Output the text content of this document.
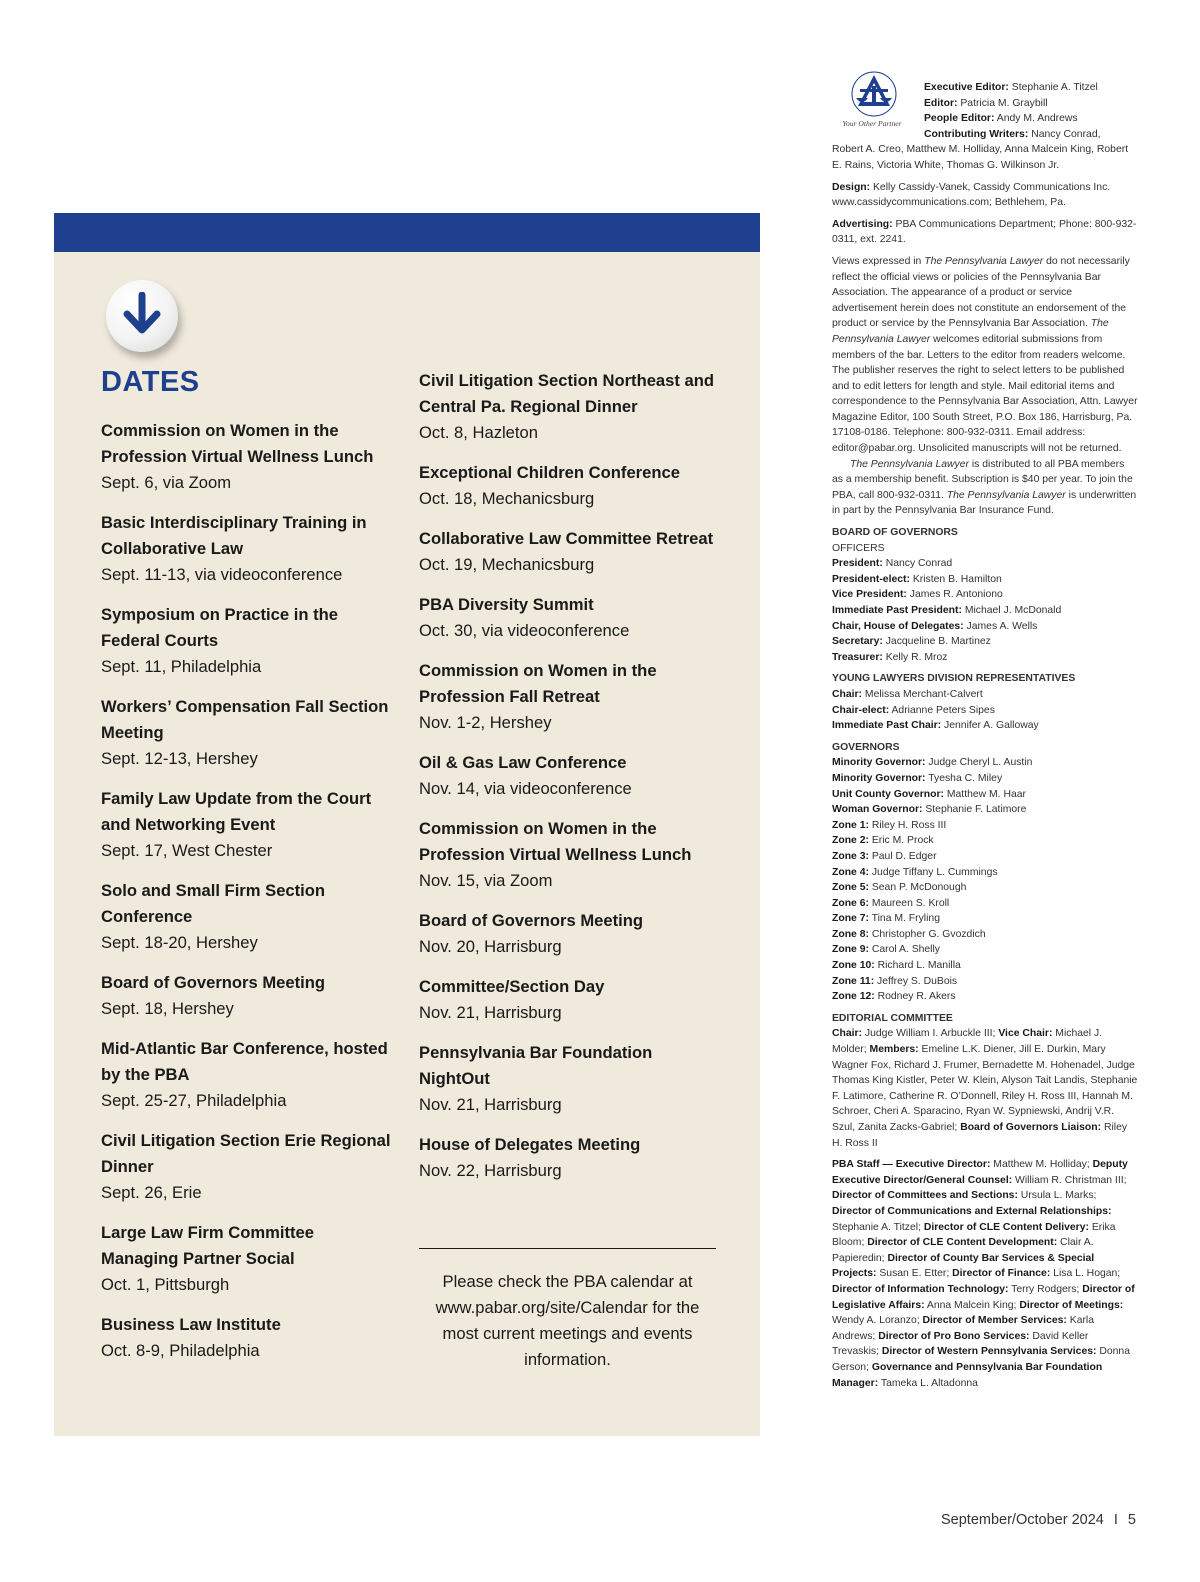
DATES
Commission on Women in the Profession Virtual Wellness Lunch
Sept. 6, via Zoom
Basic Interdisciplinary Training in Collaborative Law
Sept. 11-13, via videoconference
Symposium on Practice in the Federal Courts
Sept. 11, Philadelphia
Workers’ Compensation Fall Section Meeting
Sept. 12-13, Hershey
Family Law Update from the Court and Networking Event
Sept. 17, West Chester
Solo and Small Firm Section Conference
Sept. 18-20, Hershey
Board of Governors Meeting
Sept. 18, Hershey
Mid-Atlantic Bar Conference, hosted by the PBA
Sept. 25-27, Philadelphia
Civil Litigation Section Erie Regional Dinner
Sept. 26, Erie
Large Law Firm Committee Managing Partner Social
Oct. 1, Pittsburgh
Business Law Institute
Oct. 8-9, Philadelphia
Civil Litigation Section Northeast and Central Pa. Regional Dinner
Oct. 8, Hazleton
Exceptional Children Conference
Oct. 18, Mechanicsburg
Collaborative Law Committee Retreat
Oct. 19, Mechanicsburg
PBA Diversity Summit
Oct. 30, via videoconference
Commission on Women in the Profession Fall Retreat
Nov. 1-2, Hershey
Oil & Gas Law Conference
Nov. 14, via videoconference
Commission on Women in the Profession Virtual Wellness Lunch
Nov. 15, via Zoom
Board of Governors Meeting
Nov. 20, Harrisburg
Committee/Section Day
Nov. 21, Harrisburg
Pennsylvania Bar Foundation NightOut
Nov. 21, Harrisburg
House of Delegates Meeting
Nov. 22, Harrisburg
Please check the PBA calendar at www.pabar.org/site/Calendar for the most current meetings and events information.
Your Other Partner

Executive Editor: Stephanie A. Titzel

Editor: Patricia M. Graybill

People Editor: Andy M. Andrews

Contributing Writers: Nancy Conrad,

Robert A. Creo, Matthew M. Holliday, Anna Malcein King, Robert E. Rains, Victoria White, Thomas G. Wilkinson Jr.

Design: Kelly Cassidy-Vanek, Cassidy Communications Inc. www.cassidycommunications.com; Bethlehem, Pa.

Advertising: PBA Communications Department; Phone: 800-932-0311, ext. 2241.

Views expressed in The Pennsylvania Lawyer do not necessarily reflect the official views or policies of the Pennsylvania Bar Association. The appearance of a product or service advertisement herein does not constitute an endorsement of the product or service by the Pennsylvania Bar Association. The Pennsylvania Lawyer welcomes editorial submissions from members of the bar. Letters to the editor from readers welcome. The publisher reserves the right to select letters to be published and to edit letters for length and style. Mail editorial items and correspondence to the Pennsylvania Bar Association, Attn. Lawyer Magazine Editor, 100 South Street, P.O. Box 186, Harrisburg, Pa. 17108-0186. Telephone: 800-932-0311. Email address: editor@pabar.org. Unsolicited manuscripts will not be returned.

The Pennsylvania Lawyer is distributed to all PBA members as a membership benefit. Subscription is $40 per year. To join the PBA, call 800-932-0311. The Pennsylvania Lawyer is underwritten in part by the Pennsylvania Bar Insurance Fund.

BOARD OF GOVERNORS

OFFICERS

President: Nancy Conrad

President-elect: Kristen B. Hamilton

Vice President: James R. Antoniono

Immediate Past President: Michael J. McDonald

Chair, House of Delegates: James A. Wells

Secretary: Jacqueline B. Martinez

Treasurer: Kelly R. Mroz

YOUNG LAWYERS DIVISION REPRESENTATIVES

Chair: Melissa Merchant-Calvert

Chair-elect: Adrianne Peters Sipes

Immediate Past Chair: Jennifer A. Galloway

GOVERNORS

Minority Governor: Judge Cheryl L. Austin

Minority Governor: Tyesha C. Miley

Unit County Governor: Matthew M. Haar

Woman Governor: Stephanie F. Latimore

Zone 1: Riley H. Ross III

Zone 2: Eric M. Prock

Zone 3: Paul D. Edger

Zone 4: Judge Tiffany L. Cummings

Zone 5: Sean P. McDonough

Zone 6: Maureen S. Kroll

Zone 7: Tina M. Fryling

Zone 8: Christopher G. Gvozdich

Zone 9: Carol A. Shelly

Zone 10: Richard L. Manilla

Zone 11: Jeffrey S. DuBois

Zone 12: Rodney R. Akers

EDITORIAL COMMITTEE

Chair: Judge William I. Arbuckle III; Vice Chair: Michael J. Molder; Members: Emeline L.K. Diener, Jill E. Durkin, Mary Wagner Fox, Richard J. Frumer, Bernadette M. Hohenadel, Judge Thomas King Kistler, Peter W. Klein, Alyson Tait Landis, Stephanie F. Latimore, Catherine R. O’Donnell, Riley H. Ross III, Hannah M. Schroer, Cheri A. Sparacino, Ryan W. Sypniewski, Andrij V.R. Szul, Zanita Zacks-Gabriel; Board of Governors Liaison: Riley H. Ross II

PBA Staff — Executive Director: Matthew M. Holliday; Deputy Executive Director/General Counsel: William R. Christman III; Director of Committees and Sections: Ursula L. Marks; Director of Communications and External Relationships: Stephanie A. Titzel; Director of CLE Content Delivery: Erika Bloom; Director of CLE Content Development: Clair A. Papieredin; Director of County Bar Services & Special Projects: Susan E. Etter; Director of Finance: Lisa L. Hogan; Director of Information Technology: Terry Rodgers; Director of Legislative Affairs: Anna Malcein King; Director of Meetings: Wendy A. Loranzo; Director of Member Services: Karla Andrews; Director of Pro Bono Services: David Keller Trevaskis; Director of Western Pennsylvania Services: Donna Gerson; Governance and Pennsylvania Bar Foundation Manager: Tameka L. Altadonna

September/October 2024 I 5
